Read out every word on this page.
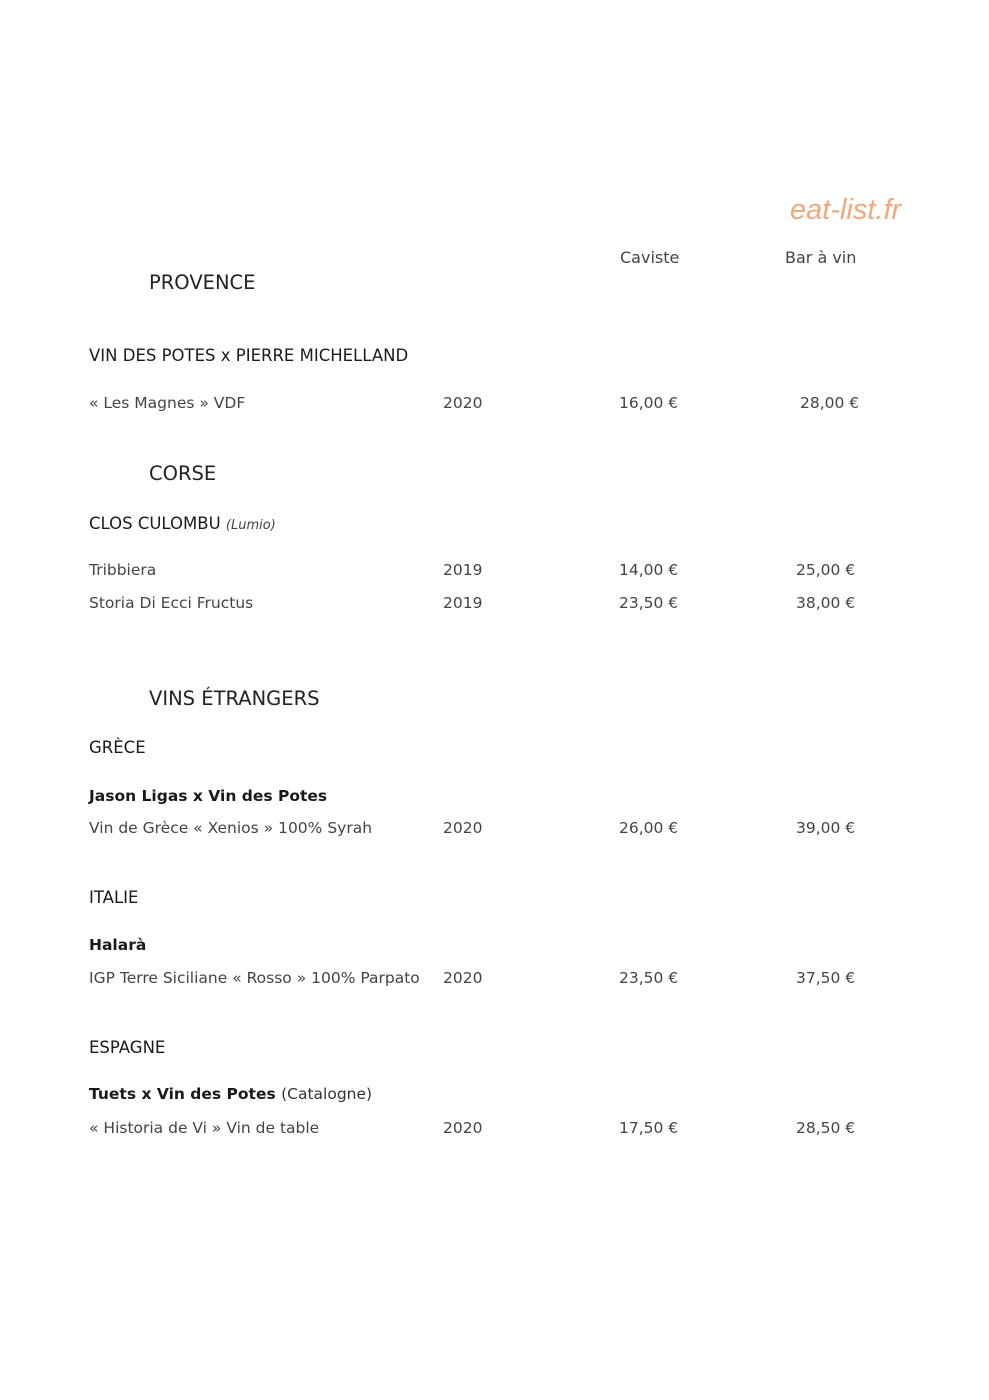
eat-list.fr
Caviste	Bar à vin
PROVENCE
VIN DES POTES x PIERRE MICHELLAND
« Les Magnes » VDF	2020	16,00 €	28,00 €
CORSE
CLOS CULOMBU (Lumio)
Tribbiera	2019	14,00 €	25,00 €
Storia Di Ecci Fructus	2019	23,50 €	38,00 €
VINS ÉTRANGERS
GRÈCE
Jason Ligas x Vin des Potes
Vin de Grèce « Xenios » 100% Syrah	2020	26,00 €	39,00 €
ITALIE
Halarà
IGP Terre Siciliane « Rosso » 100% Parpato 2020	23,50 €	37,50 €
ESPAGNE
Tuets x Vin des Potes (Catalogne)
« Historia de Vi » Vin de table	2020	17,50 €	28,50 €
